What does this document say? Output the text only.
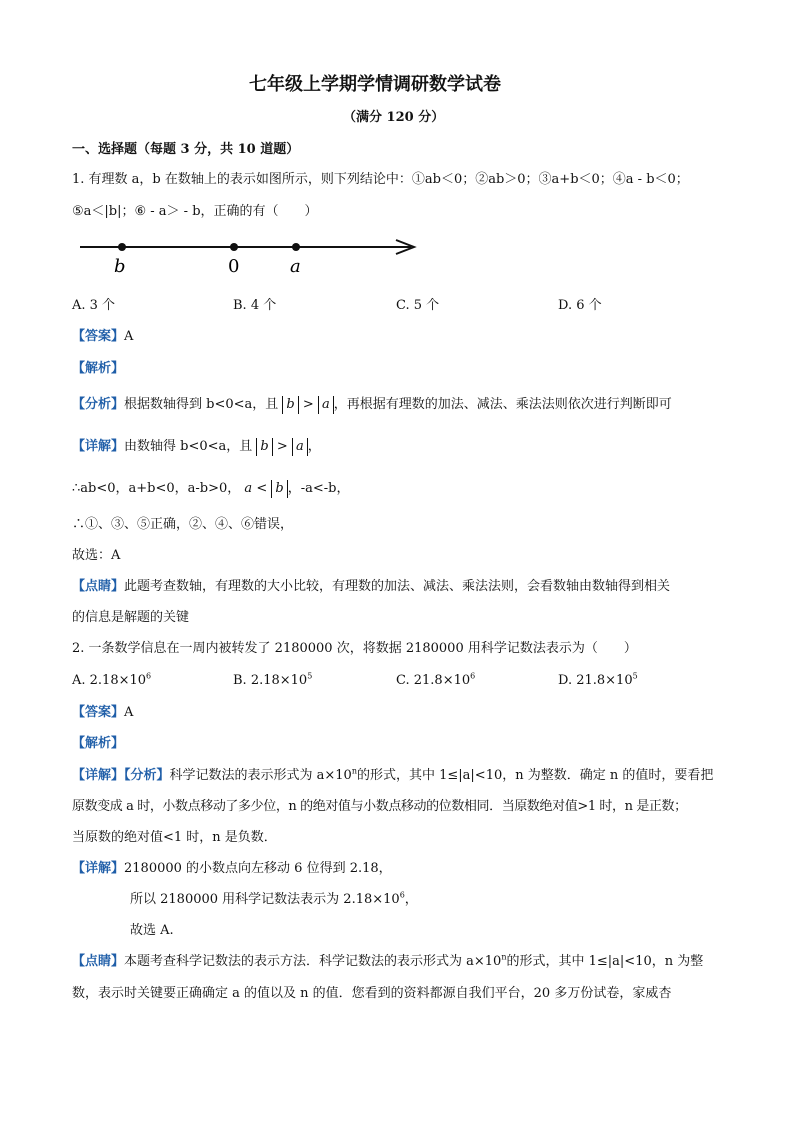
七年级上学期学情调研数学试卷
（满分 120 分）
一、选择题（每题 3 分，共 10 道题）
1. 有理数 a，b 在数轴上的表示如图所示，则下列结论中：①ab＜0；②ab＞0；③a+b＜0；④a - b＜0；
⑤a＜|b|；⑥ - a＞ - b，正确的有（　　）
b	0	a
A. 3 个	B. 4 个	C. 5 个	D. 6 个
【答案】A
【解析】
【分析】根据数轴得到 b<0<a，且 b > a ，再根据有理数的加法、减法、乘法法则依次进行判断即可
【详解】由数轴得 b<0<a，且 b > a ，
∴ab<0，a+b<0，a-b>0， a < b ，-a<-b，
∴①、③、⑤正确，②、④、⑥错误，
故选：A
【点睛】此题考查数轴，有理数的大小比较，有理数的加法、减法、乘法法则，会看数轴由数轴得到相关
的信息是解题的关键
2. 一条数学信息在一周内被转发了 2180000 次，将数据 2180000 用科学记数法表示为（　　）
A. $2.18\times 10^6$	B. $2.18\times 10^5$	C. $21.8\times 10^6$	D. $21.8\times 10^5$
【答案】A
【解析】
【详解】【分析】科学记数法的表示形式为 $a\times 10^n$的形式，其中 1≤|a|<10，n 为整数．确定 n 的值时，要看把
原数变成 a 时，小数点移动了多少位，n 的绝对值与小数点移动的位数相同．当原数绝对值>1 时，n 是正数；
当原数的绝对值<1 时，n 是负数．
【详解】2180000 的小数点向左移动 6 位得到 2.18，
所以 2180000 用科学记数法表示为 $2.18\times 10^6$，
故选 A.
【点睛】本题考查科学记数法的表示方法．科学记数法的表示形式为 $a\times 10^n$的形式，其中 1≤|a|<10，n 为整
数，表示时关键要正确确定 a 的值以及 n 的值．您看到的资料都源自我们平台，20 多万份试卷，家威杏
